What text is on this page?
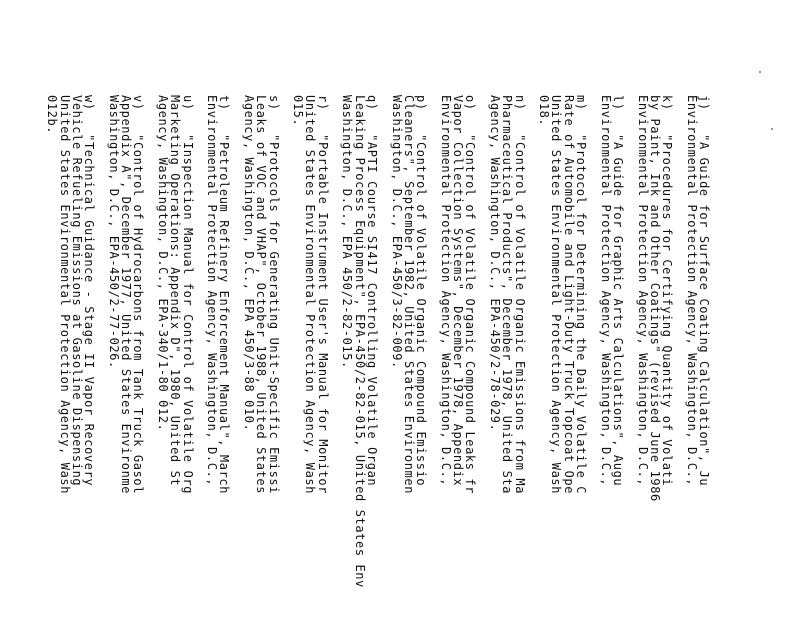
j)   "A Guide for Surface Coating Calculation", Ju
Environmental Protection Agency, Washington, D.C.,
k)   "Procedures for Certifying Quantity of Volati
by Paint, Ink and Other Coatings" (revised June 1986
Environmental Protection Agency, Washington, D.C.,
l)   "A Guide for Graphic Arts Calculations", Augu
Environmental Protection Agency, Washington, D.C.,
m)   "Protocol for Determining the Daily Volatile C
Rate of Automobile and Light-Duty Truck Topcoat Ope
United States Environmental Protection Agency, Wash
018.
n)   "Control of Volatile Organic Emissions from Ma
Pharmaceutical Products", December 1978, United Sta
Agency, Washington, D.C., EPA-450/2-78-029.
o)   "Control of Volatile Organic Compound Leaks fr
Vapor Collection Systems", December 1978, Appendix
Environmental Protection Agency, Washington, D.C.,
p)   "Control of Volatile Organic Compound Emissio
Cleaners", September 1982, United States Environmen
Washington, D.C., EPA-450/3-82-009.
q)   "APTI Course SI417 Controlling Volatile Organ
Leaking Process Equipment", EPA-450/2-82-015, United States Env
Washington, D.C., EPA 450/2-82-015.
r)   "Portable Instrument User's Manual for Monitor
United States Environmental Protection Agency, Wash
015.
s)   "Protocols for Generating Unit-Specific Emissi
Leaks of VOC and VHAP", October 1988, United States
Agency, Washington, D.C., EPA 450/3-88 010.
t)   "Petroleum Refinery Enforcement Manual", March
Environmental Protection Agency, Washington, D.C.,
u)   "Inspection Manual for Control of Volatile Org
Marketing Operations: Appendix D", 1980, United St
Agency, Washington, D.C., EPA-340/1-80 012.
v)   "Control of Hydrocarbons from Tank Truck Gasol
Appendix A", December 1977, United States Environme
Washington, D.C., EPA-450/2-77-026.
w)   "Technical Guidance - Stage II Vapor Recovery
Vehicle Refueling Emissions at Gasoline Dispensing
United States Environmental Protection Agency, Wash
012b.
